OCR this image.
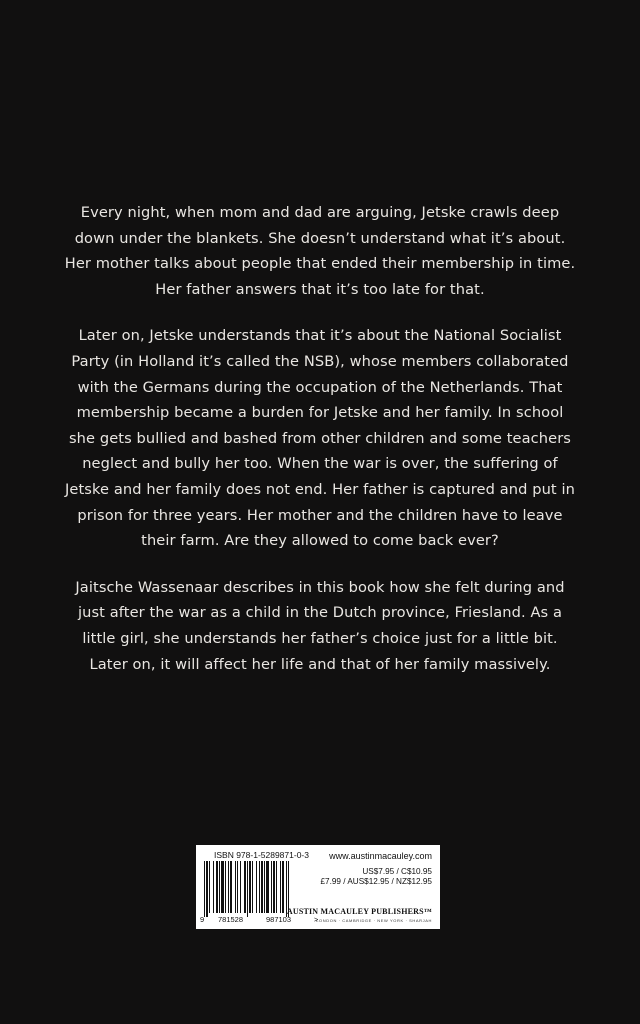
Every night, when mom and dad are arguing, Jetske crawls deep down under the blankets. She doesn’t understand what it’s about. Her mother talks about people that ended their membership in time. Her father answers that it’s too late for that.

Later on, Jetske understands that it’s about the National Socialist Party (in Holland it’s called the NSB), whose members collaborated with the Germans during the occupation of the Netherlands. That membership became a burden for Jetske and her family. In school she gets bullied and bashed from other children and some teachers neglect and bully her too. When the war is over, the suffering of Jetske and her family does not end. Her father is captured and put in prison for three years. Her mother and the children have to leave their farm. Are they allowed to come back ever?

Jaitsche Wassenaar describes in this book how she felt during and just after the war as a child in the Dutch province, Friesland. As a little girl, she understands her father’s choice just for a little bit. Later on, it will affect her life and that of her family massively.

ISBN 978-1-5289871-0-3
9 781528	987103	>
www.austinmacauley.com
US$7.95 / C$10.95
£7.99 / AUS$12.95 / NZ$12.95
AUSTIN MACAULEY PUBLISHERS™
LONDON · CAMBRIDGE · NEW YORK · SHARJAH
